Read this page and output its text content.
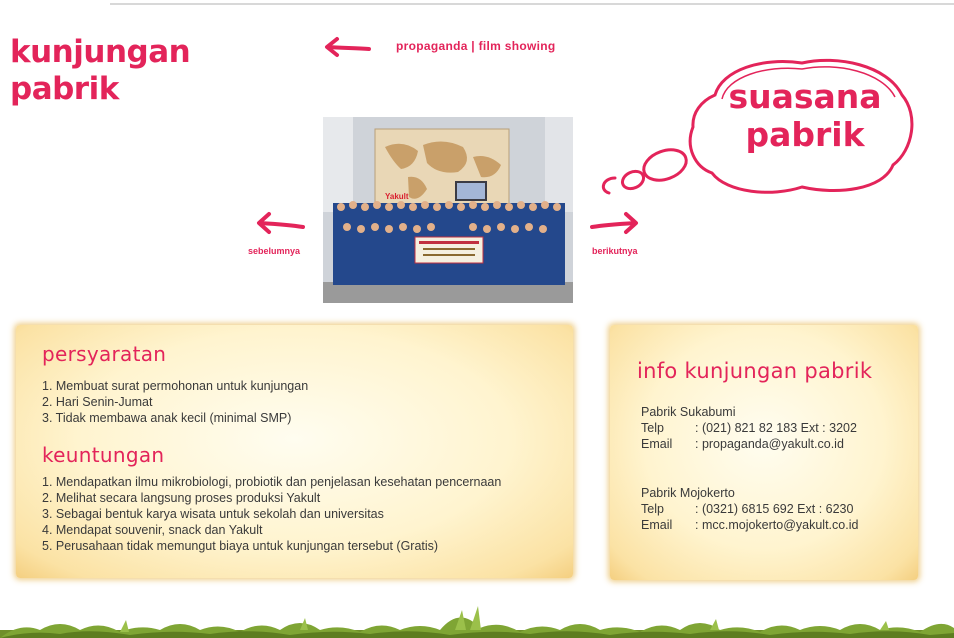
kunjungan
pabrik
propaganda | film showing
suasana
pabrik
Yakult
sebelumnya	berikutnya
persyaratan
1. Membuat surat permohonan untuk kunjungan
2. Hari Senin-Jumat
3. Tidak membawa anak kecil (minimal SMP)
keuntungan
1. Mendapatkan ilmu mikrobiologi, probiotik dan penjelasan kesehatan pencernaan
2. Melihat secara langsung proses produksi Yakult
3. Sebagai bentuk karya wisata untuk sekolah dan universitas
4. Mendapat souvenir, snack dan Yakult
5. Perusahaan tidak memungut biaya untuk kunjungan tersebut (Gratis)
info kunjungan pabrik
Pabrik Sukabumi
Telp	: (021) 821 82 183 Ext : 3202
Email	: propaganda@yakult.co.id
Pabrik Mojokerto
Telp	: (0321) 6815 692 Ext : 6230
Email	: mcc.mojokerto@yakult.co.id
